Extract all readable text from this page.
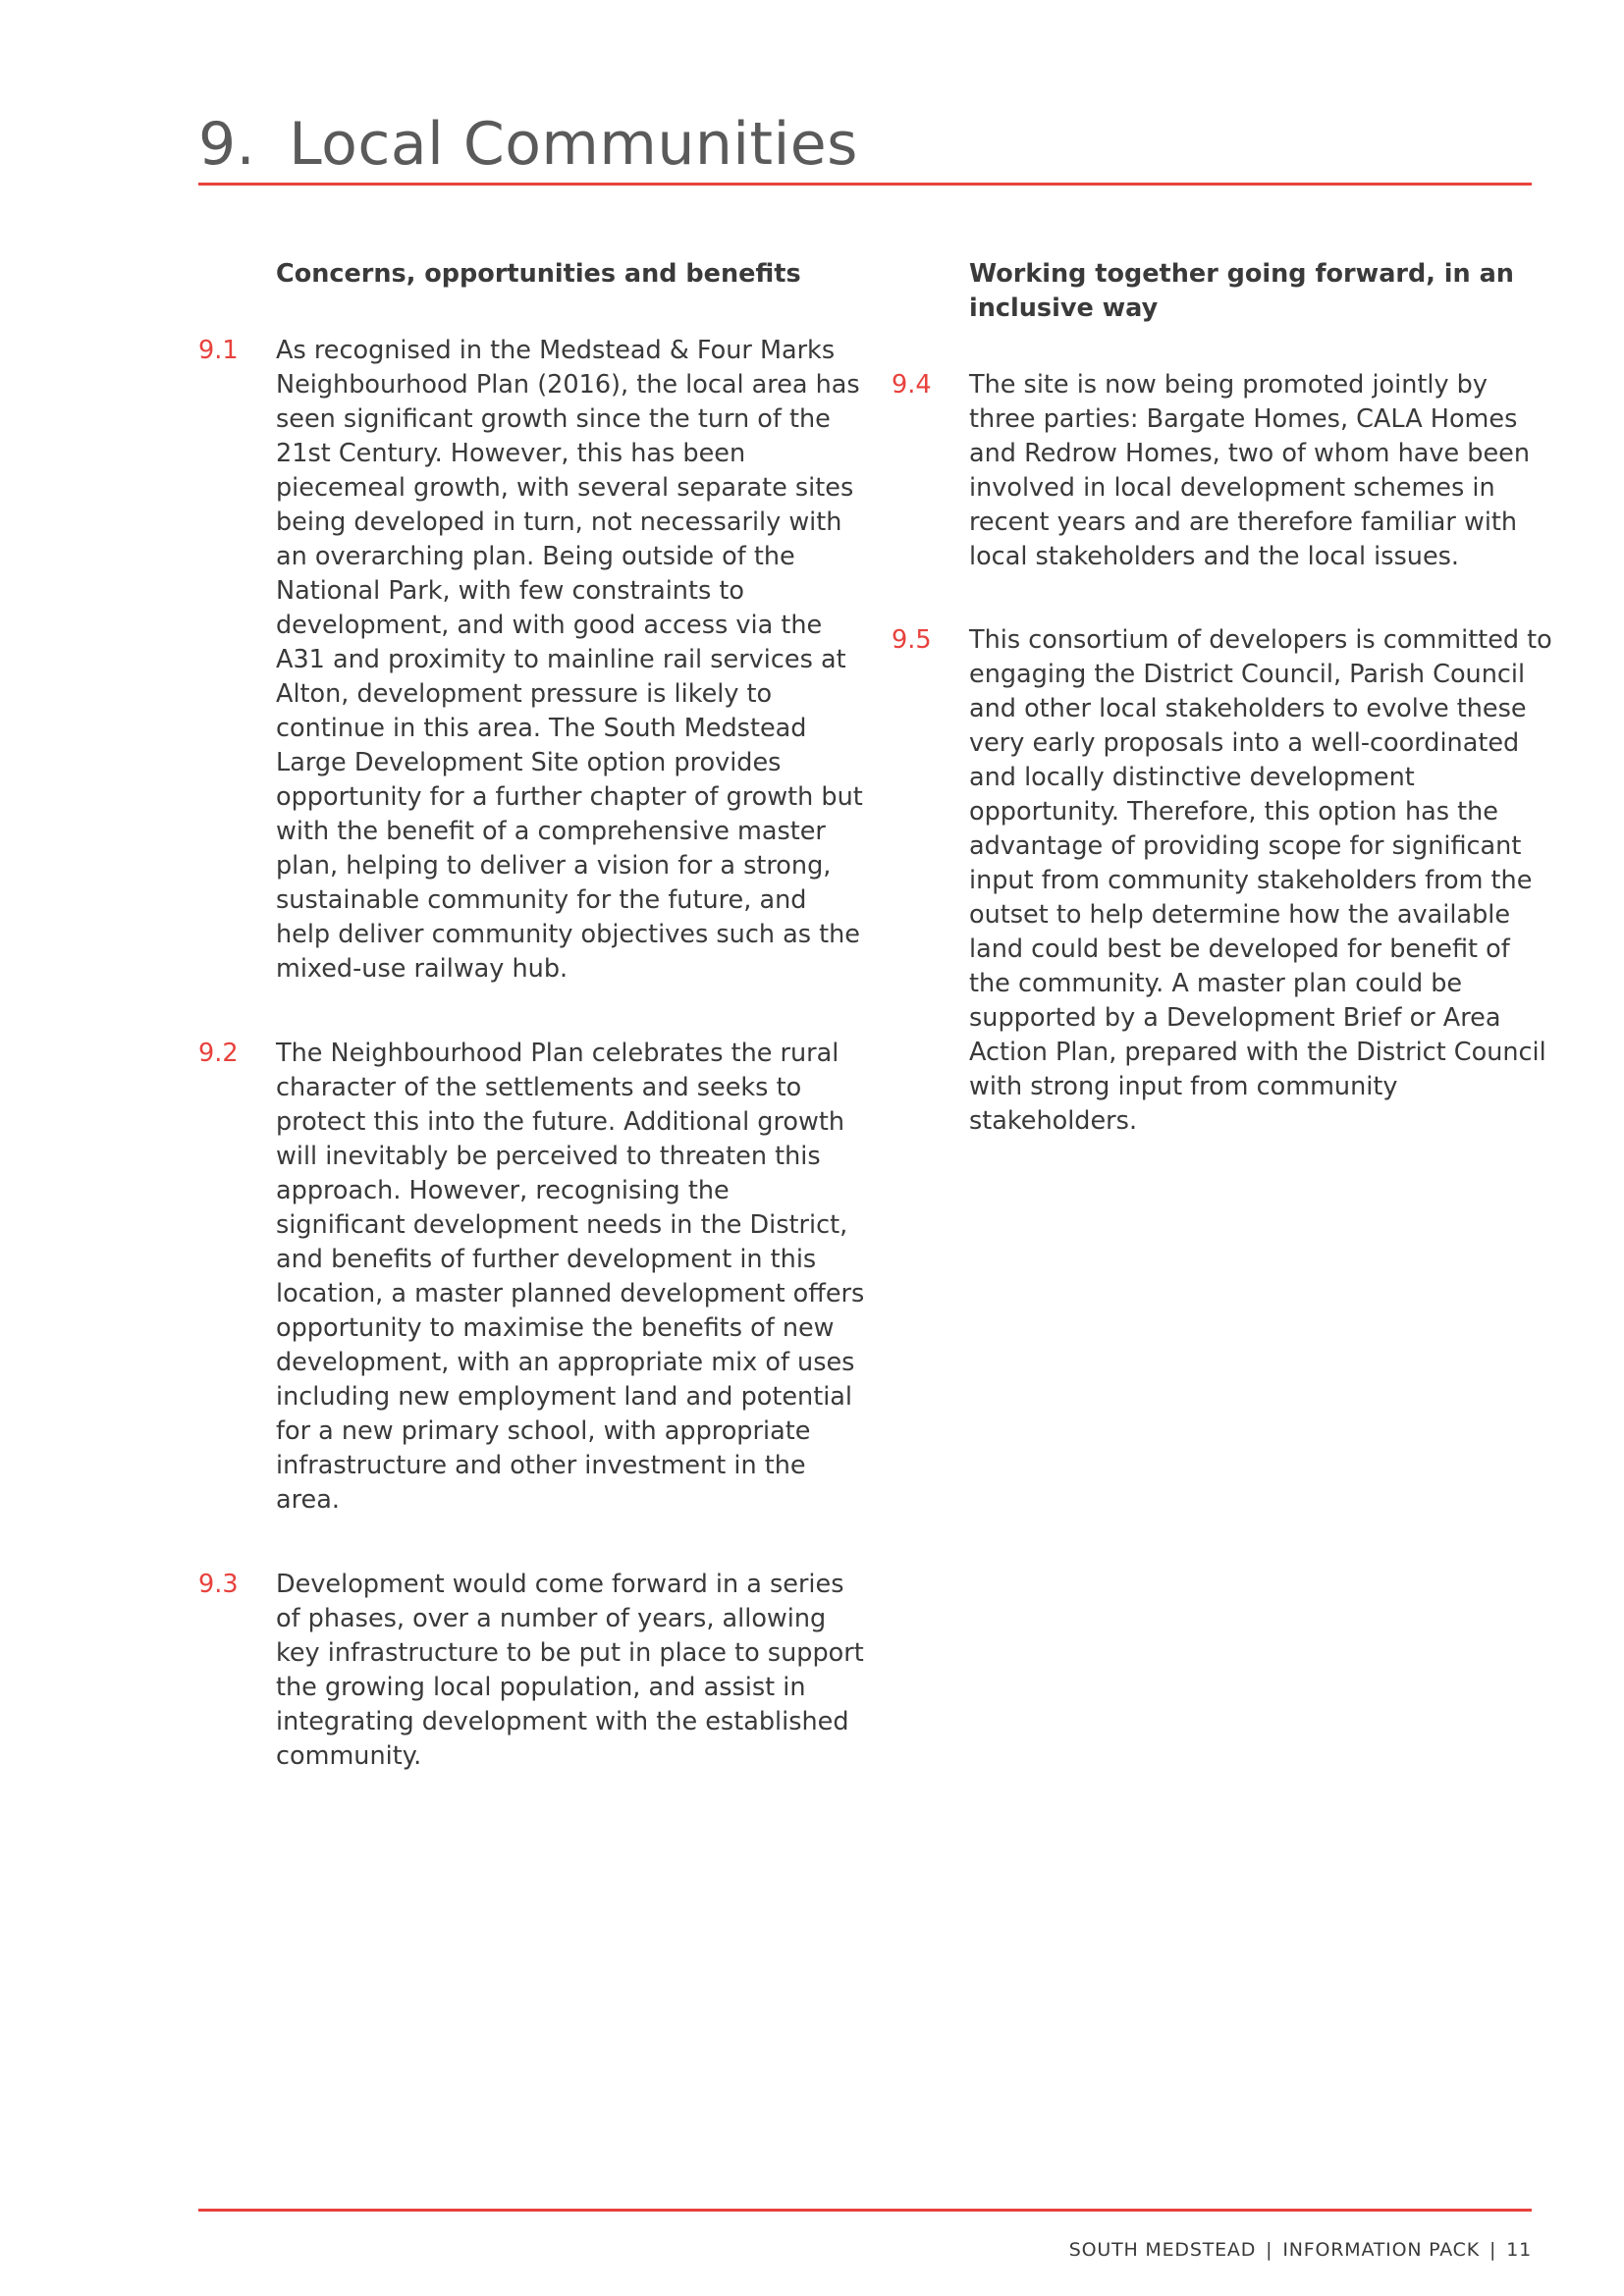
9. Local Communities
Concerns, opportunities and benefits
9.1	As recognised in the Medstead & Four Marks Neighbourhood Plan (2016), the local area has seen significant growth since the turn of the 21st Century. However, this has been piecemeal growth, with several separate sites being developed in turn, not necessarily with an overarching plan. Being outside of the National Park, with few constraints to development, and with good access via the A31 and proximity to mainline rail services at Alton, development pressure is likely to continue in this area. The South Medstead Large Development Site option provides opportunity for a further chapter of growth but with the benefit of a comprehensive master plan, helping to deliver a vision for a strong, sustainable community for the future, and help deliver community objectives such as the mixed-use railway hub.
9.2	The Neighbourhood Plan celebrates the rural character of the settlements and seeks to protect this into the future. Additional growth will inevitably be perceived to threaten this approach. However, recognising the significant development needs in the District, and benefits of further development in this location, a master planned development offers opportunity to maximise the benefits of new development, with an appropriate mix of uses including new employment land and potential for a new primary school, with appropriate infrastructure and other investment in the area.
9.3	Development would come forward in a series of phases, over a number of years, allowing key infrastructure to be put in place to support the growing local population, and assist in integrating development with the established community.
Working together going forward, in an inclusive way
9.4	The site is now being promoted jointly by three parties: Bargate Homes, CALA Homes and Redrow Homes, two of whom have been involved in local development schemes in recent years and are therefore familiar with local stakeholders and the local issues.
9.5	This consortium of developers is committed to engaging the District Council, Parish Council and other local stakeholders to evolve these very early proposals into a well-coordinated and locally distinctive development opportunity. Therefore, this option has the advantage of providing scope for significant input from community stakeholders from the outset to help determine how the available land could best be developed for benefit of the community. A master plan could be supported by a Development Brief or Area Action Plan, prepared with the District Council with strong input from community stakeholders.
SOUTH MEDSTEAD | INFORMATION PACK | 11
